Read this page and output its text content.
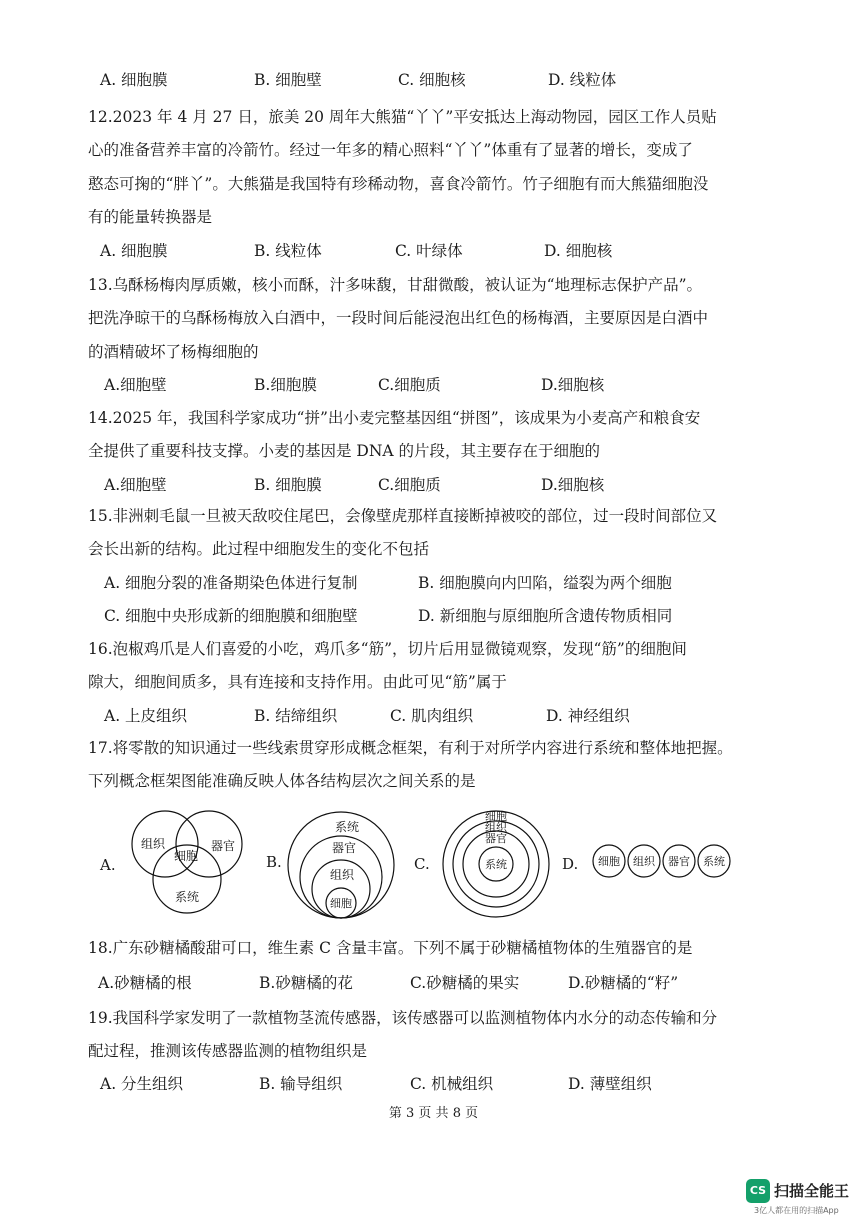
A. 细胞膜	B. 细胞壁	C. 细胞核	D. 线粒体
12.2023 年 4 月 27 日，旅美 20 周年大熊猫“丫丫”平安抵达上海动物园，园区工作人员贴
心的准备营养丰富的冷箭竹。经过一年多的精心照料“丫丫”体重有了显著的增长，变成了
憨态可掬的“胖丫”。大熊猫是我国特有珍稀动物，喜食冷箭竹。竹子细胞有而大熊猫细胞没
有的能量转换器是
A. 细胞膜	B. 线粒体	C. 叶绿体	D. 细胞核
13.乌酥杨梅肉厚质嫩，核小而酥，汁多味馥，甘甜微酸，被认证为“地理标志保护产品”。
把洗净晾干的乌酥杨梅放入白酒中，一段时间后能浸泡出红色的杨梅酒，主要原因是白酒中
的酒精破坏了杨梅细胞的
A.细胞壁	B.细胞膜	C.细胞质	D.细胞核
14.2025 年，我国科学家成功“拼”出小麦完整基因组“拼图”，该成果为小麦高产和粮食安
全提供了重要科技支撑。小麦的基因是 DNA 的片段，其主要存在于细胞的
A.细胞壁	B. 细胞膜	C.细胞质	D.细胞核
15.非洲刺毛鼠一旦被天敌咬住尾巴，会像壁虎那样直接断掉被咬的部位，过一段时间部位又
会长出新的结构。此过程中细胞发生的变化不包括
A. 细胞分裂的准备期染色体进行复制	B. 细胞膜向内凹陷，缢裂为两个细胞
C. 细胞中央形成新的细胞膜和细胞壁	D. 新细胞与原细胞所含遗传物质相同
16.泡椒鸡爪是人们喜爱的小吃，鸡爪多“筋”，切片后用显微镜观察，发现“筋”的细胞间
隙大，细胞间质多，具有连接和支持作用。由此可见“筋”属于
A. 上皮组织	B. 结缔组织	C. 肌肉组织	D. 神经组织
17.将零散的知识通过一些线索贯穿形成概念框架，有利于对所学内容进行系统和整体地把握。
下列概念框架图能准确反映人体各结构层次之间关系的是
A.	B.	C.	D.
组织	器官
细胞
系统
系统
器官
组织
细胞
细胞
组织
器官
系统	细胞 组织 器官 系统
18.广东砂糖橘酸甜可口，维生素 C 含量丰富。下列不属于砂糖橘植物体的生殖器官的是
A.砂糖橘的根	B.砂糖橘的花	C.砂糖橘的果实	D.砂糖橘的“籽”
19.我国科学家发明了一款植物茎流传感器，该传感器可以监测植物体内水分的动态传输和分
配过程，推测该传感器监测的植物组织是
A. 分生组织	B. 输导组织	C. 机械组织	D. 薄壁组织
第 3 页 共 8 页
CS 扫描全能王
3亿人都在用的扫描App
